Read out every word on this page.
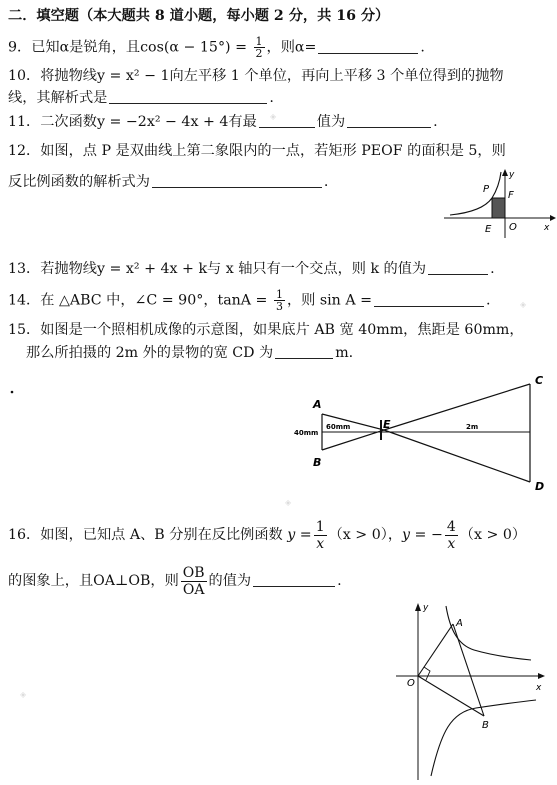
二．填空题（本大题共 8 道小题，每小题 2 分，共 16 分）
9．已知α是锐角，且$\cos(\alpha - 15^\circ) = \frac{1}{2}$ ，则α=	.
10．将抛物线y = x² − 1向左平移 1 个单位，再向上平移 3 个单位得到的抛物
线，其解析式是	.
11．二次函数y = −2x² − 4x + 4有最	值为	.
12．如图，点 P 是双曲线上第二象限内的一点，若矩形 PEOF 的面积是 5，则
反比例函数的解析式为	.	P
F
E O	x
y
13．若抛物线y = x² + 4x + k与 x 轴只有一个交点，则 k 的值为	.
14．在 △ABC 中，∠C = 90°，$\tan A = \frac{1}{3}$ ，则 sin A =	.
15．如图是一个照相机成像的示意图，如果底片 AB 宽 40mm，焦距是 60mm，
那么所拍摄的 2m 外的景物的宽 CD 为	m.
A
B
C
D
E
40mm
60mm	2m
16．如图，已知点 A、B 分别在反比例函数 $y = \frac{1}{x} (x > 0)$，y = − $\frac{4}{x} (x > 0)$
的图象上，且OA⊥OB，则 $\frac{OB}{OA}$ 的值为	.
A
B
O	x
y
◈
◈
◈
◈
